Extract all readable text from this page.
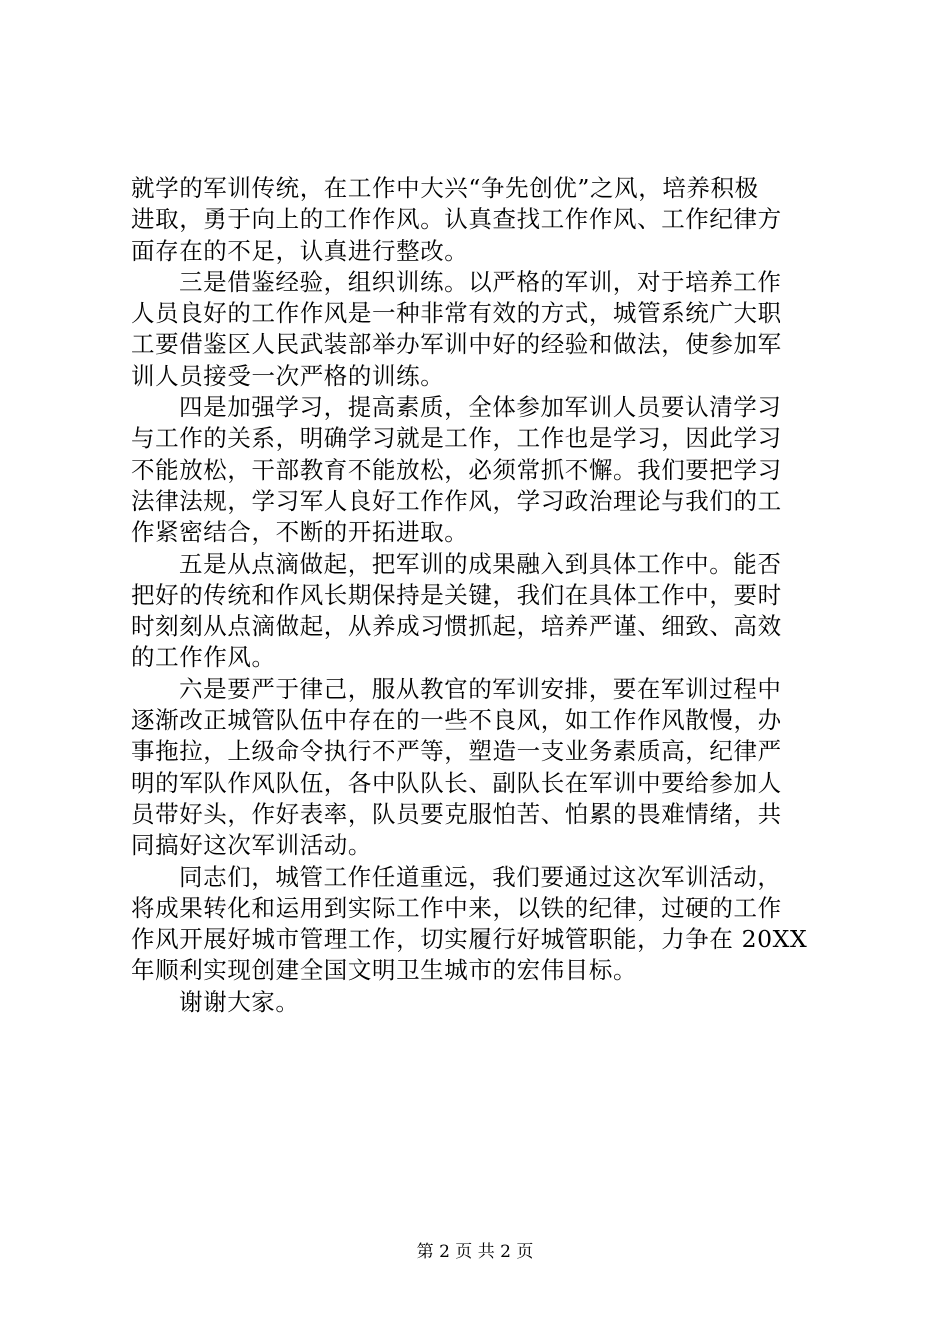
就学的军训传统，在工作中大兴“争先创优”之风，培养积极
进取，勇于向上的工作作风。认真查找工作作风、工作纪律方
面存在的不足，认真进行整改。
三是借鉴经验，组织训练。以严格的军训，对于培养工作
人员良好的工作作风是一种非常有效的方式，城管系统广大职
工要借鉴区人民武装部举办军训中好的经验和做法，使参加军
训人员接受一次严格的训练。
四是加强学习，提高素质，全体参加军训人员要认清学习
与工作的关系，明确学习就是工作，工作也是学习，因此学习
不能放松，干部教育不能放松，必须常抓不懈。我们要把学习
法律法规，学习军人良好工作作风，学习政治理论与我们的工
作紧密结合，不断的开拓进取。
五是从点滴做起，把军训的成果融入到具体工作中。能否
把好的传统和作风长期保持是关键，我们在具体工作中，要时
时刻刻从点滴做起，从养成习惯抓起，培养严谨、细致、高效
的工作作风。
六是要严于律己，服从教官的军训安排，要在军训过程中
逐渐改正城管队伍中存在的一些不良风，如工作作风散慢，办
事拖拉，上级命令执行不严等，塑造一支业务素质高，纪律严
明的军队作风队伍，各中队队长、副队长在军训中要给参加人
员带好头，作好表率，队员要克服怕苦、怕累的畏难情绪，共
同搞好这次军训活动。
同志们，城管工作任道重远，我们要通过这次军训活动，
将成果转化和运用到实际工作中来，以铁的纪律，过硬的工作
作风开展好城市管理工作，切实履行好城管职能，力争在 20XX
年顺利实现创建全国文明卫生城市的宏伟目标。
谢谢大家。
第 2 页 共 2 页
